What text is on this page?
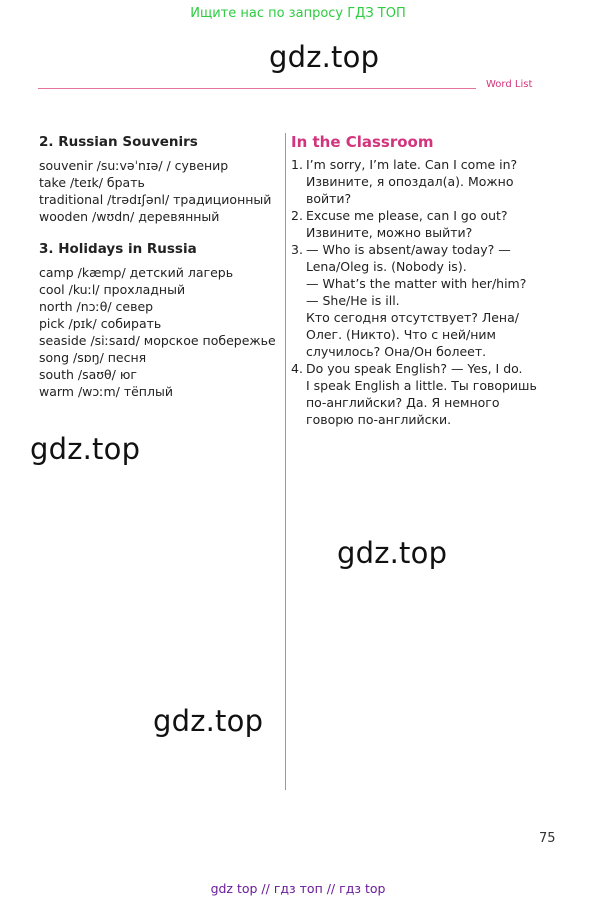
Ищите нас по запросу ГДЗ ТОП
gdz.top
gdz.top
gdz.top
gdz.top
Word List
2. Russian Souvenirs
souvenir /suːvəˈnɪə/ / сувенир
take /teɪk/ брать
traditional /trədɪʃənl/ традиционный
wooden /wʊdn/ деревянный
3. Holidays in Russia
camp /kæmp/ детский лагерь
cool /kuːl/ прохладный
north /nɔːθ/ север
pick /pɪk/ собирать
seaside /siːsaɪd/ морское побережье
song /sɒŋ/ песня
south /saʊθ/ юг
warm /wɔːm/ тёплый
In the Classroom
1. I’m sorry, I’m late. Can I come in?
Извините, я опоздал(а). Можно
войти?
2. Excuse me please, can I go out?
Извините, можно выйти?
3. — Who is absent/away today? —
Lena/Oleg is. (Nobody is).
— What’s the matter with her/him?
— She/He is ill.
Кто сегодня отсутствует? Лена/
Олег. (Никто). Что с ней/ним
случилось? Она/Он болеет.
4. Do you speak English? — Yes, I do.
I speak English a little. Ты говоришь
по-английски? Да. Я немного
говорю по-английски.
75
gdz top // гдз топ // гдз top
